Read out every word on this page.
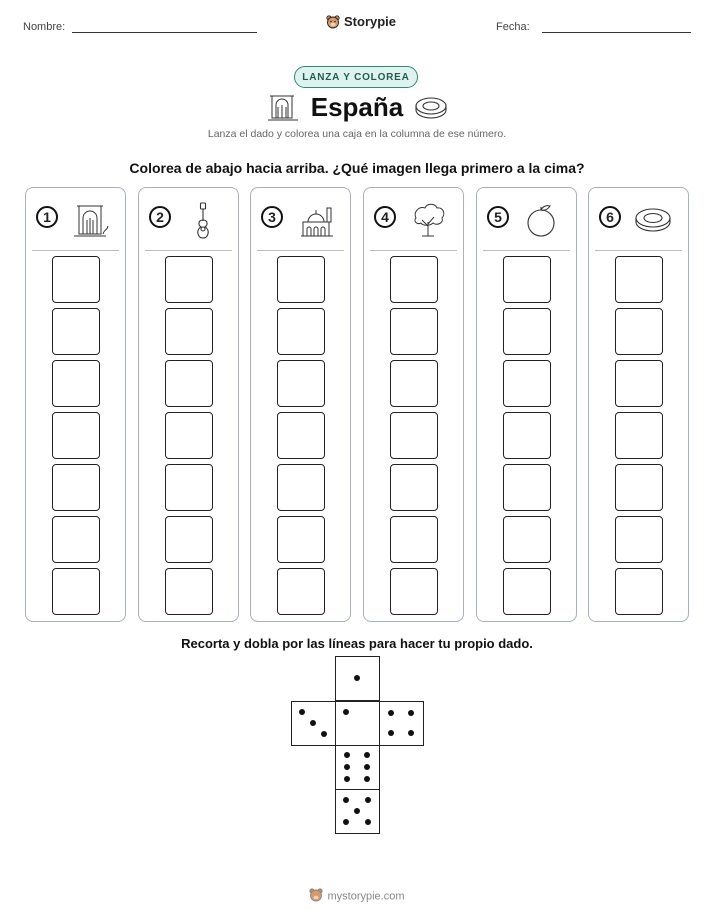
Nombre:	Storypie	Fecha:
LANZA Y COLOREA
España
Lanza el dado y colorea una caja en la columna de ese número.
Colorea de abajo hacia arriba. ¿Qué imagen llega primero a la cima?
1	2	3	4	5	6
Recorta y dobla por las líneas para hacer tu propio dado.
mystorypie.com
